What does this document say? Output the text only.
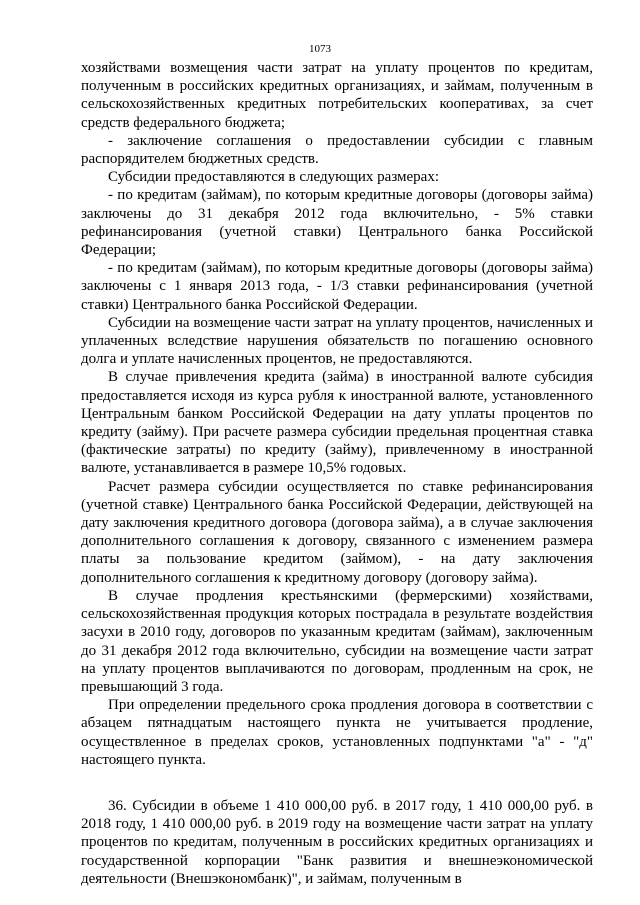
1073

хозяйствами возмещения части затрат на уплату процентов по кредитам, полученным в российских кредитных организациях, и займам, полученным в сельскохозяйственных кредитных потребительских кооперативах, за счет средств федерального бюджета;

- заключение соглашения о предоставлении субсидии с главным распорядителем бюджетных средств.

Субсидии предоставляются в следующих размерах:

- по кредитам (займам), по которым кредитные договоры (договоры займа) заключены до 31 декабря 2012 года включительно, - 5% ставки рефинансирования (учетной ставки) Центрального банка Российской Федерации;

- по кредитам (займам), по которым кредитные договоры (договоры займа) заключены с 1 января 2013 года, - 1/3 ставки рефинансирования (учетной ставки) Центрального банка Российской Федерации.

Субсидии на возмещение части затрат на уплату процентов, начисленных и уплаченных вследствие нарушения обязательств по погашению основного долга и уплате начисленных процентов, не предоставляются.

В случае привлечения кредита (займа) в иностранной валюте субсидия предоставляется исходя из курса рубля к иностранной валюте, установленного Центральным банком Российской Федерации на дату уплаты процентов по кредиту (займу). При расчете размера субсидии предельная процентная ставка (фактические затраты) по кредиту (займу), привлеченному в иностранной валюте, устанавливается в размере 10,5% годовых.

Расчет размера субсидии осуществляется по ставке рефинансирования (учетной ставке) Центрального банка Российской Федерации, действующей на дату заключения кредитного договора (договора займа), а в случае заключения дополнительного соглашения к договору, связанного с изменением размера платы за пользование кредитом (займом), - на дату заключения дополнительного соглашения к кредитному договору (договору займа).

В случае продления крестьянскими (фермерскими) хозяйствами, сельскохозяйственная продукция которых пострадала в результате воздействия засухи в 2010 году, договоров по указанным кредитам (займам), заключенным до 31 декабря 2012 года включительно, субсидии на возмещение части затрат на уплату процентов выплачиваются по договорам, продленным на срок, не превышающий 3 года.

При определении предельного срока продления договора в соответствии с абзацем пятнадцатым настоящего пункта не учитывается продление, осуществленное в пределах сроков, установленных подпунктами "а" - "д" настоящего пункта.

36. Субсидии в объеме 1 410 000,00 руб. в 2017 году, 1 410 000,00 руб. в 2018 году, 1 410 000,00 руб. в 2019 году на возмещение части затрат на уплату процентов по кредитам, полученным в российских кредитных организациях и государственной корпорации "Банк развития и внешнеэкономической деятельности (Внешэкономбанк)", и займам, полученным в
